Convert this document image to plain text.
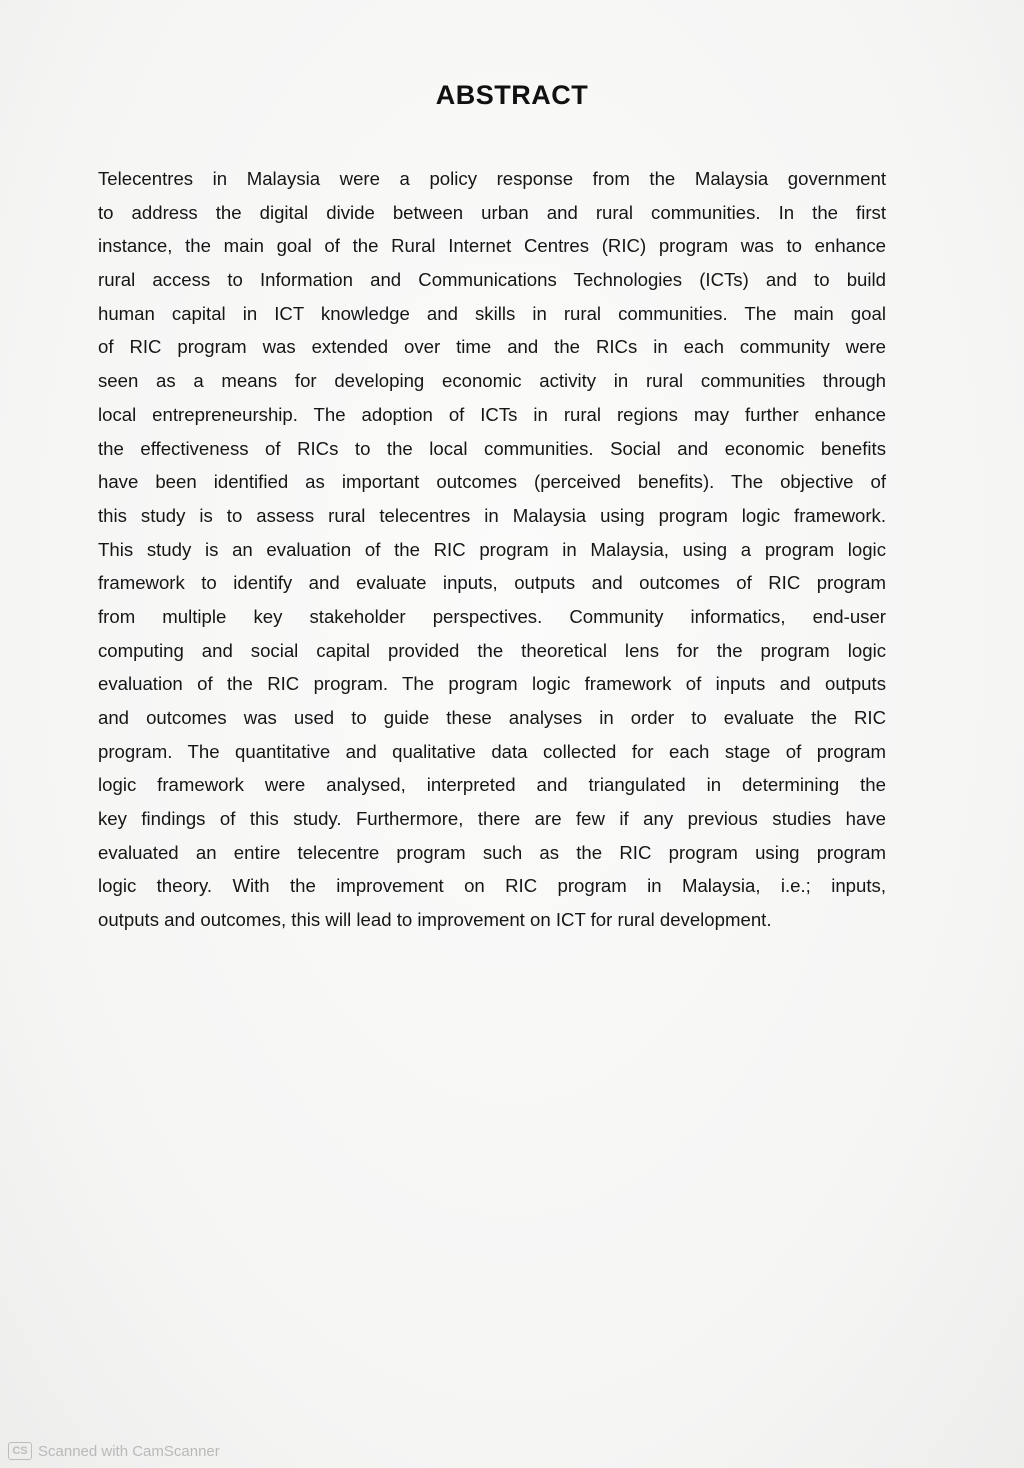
ABSTRACT
Telecentres in Malaysia were a policy response from the Malaysia government
to address the digital divide between urban and rural communities. In the first
instance, the main goal of the Rural Internet Centres (RIC) program was to enhance
rural access to Information and Communications Technologies (ICTs) and to build
human capital in ICT knowledge and skills in rural communities. The main goal
of RIC program was extended over time and the RICs in each community were
seen as a means for developing economic activity in rural communities through
local entrepreneurship. The adoption of ICTs in rural regions may further enhance
the effectiveness of RICs to the local communities. Social and economic benefits
have been identified as important outcomes (perceived benefits). The objective of
this study is to assess rural telecentres in Malaysia using program logic framework.
This study is an evaluation of the RIC program in Malaysia, using a program logic
framework to identify and evaluate inputs, outputs and outcomes of RIC program
from multiple key stakeholder perspectives. Community informatics, end-user
computing and social capital provided the theoretical lens for the program logic
evaluation of the RIC program. The program logic framework of inputs and outputs
and outcomes was used to guide these analyses in order to evaluate the RIC
program. The quantitative and qualitative data collected for each stage of program
logic framework were analysed, interpreted and triangulated in determining the
key findings of this study. Furthermore, there are few if any previous studies have
evaluated an entire telecentre program such as the RIC program using program
logic theory. With the improvement on RIC program in Malaysia, i.e.; inputs,
outputs and outcomes, this will lead to improvement on ICT for rural development.
CS Scanned with CamScanner
